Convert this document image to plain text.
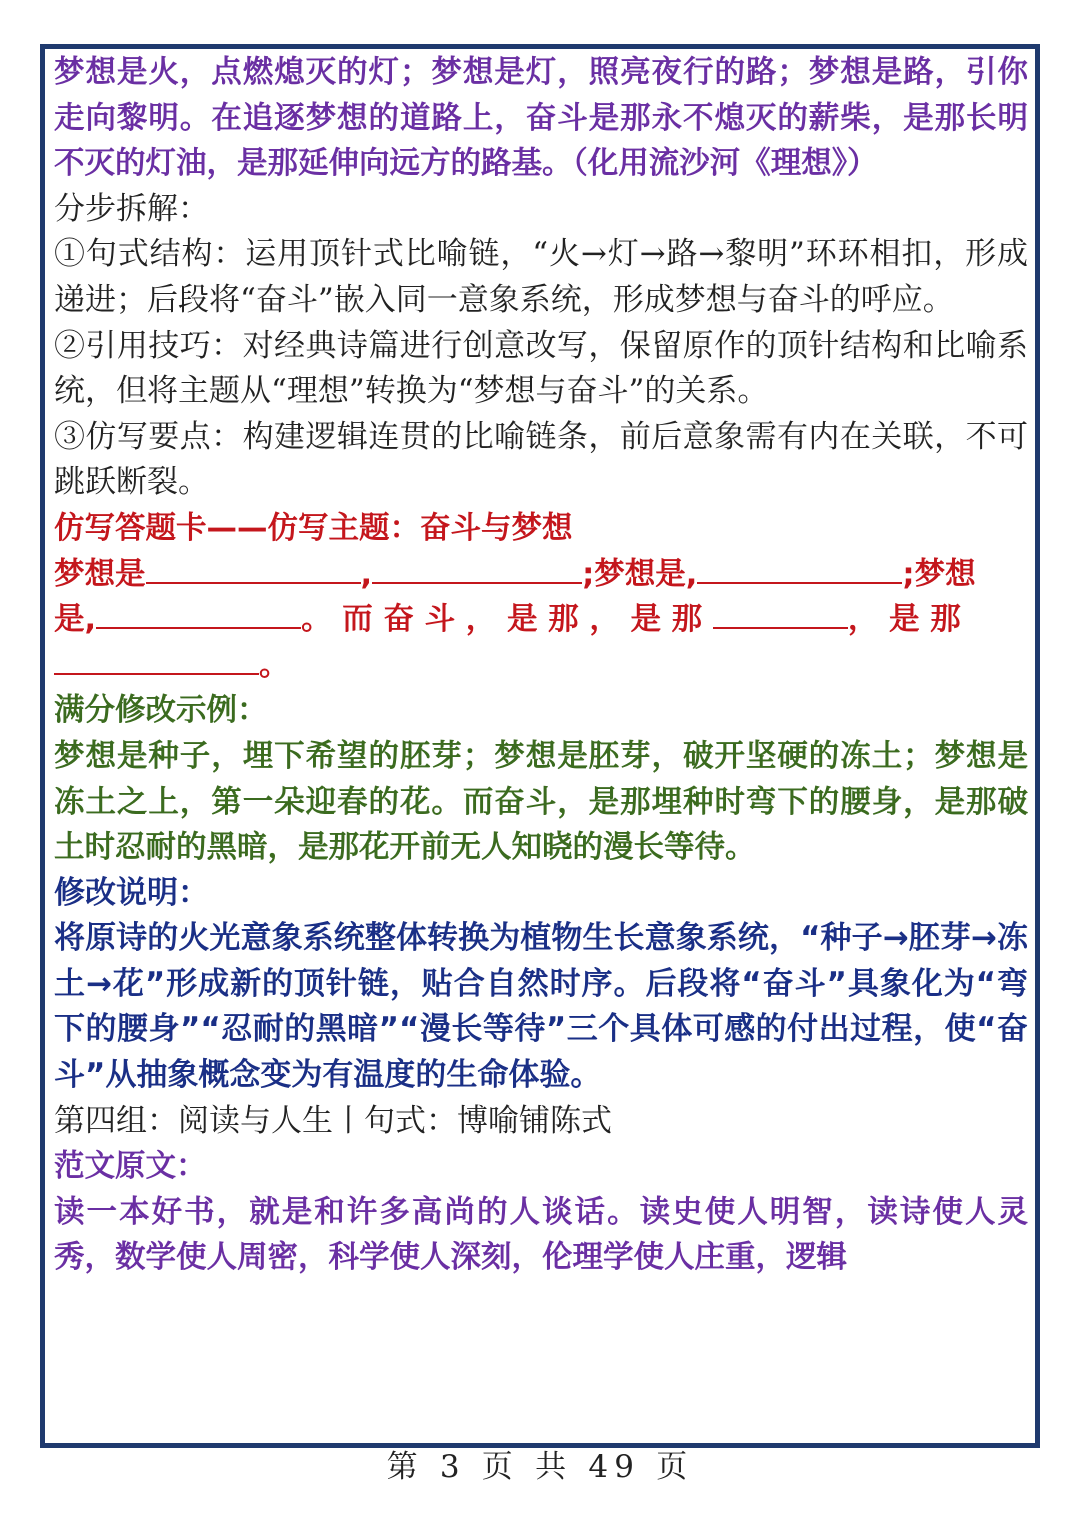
梦想是火，点燃熄灭的灯；梦想是灯，照亮夜行的路；梦想是路，引你走向黎明。在追逐梦想的道路上，奋斗是那永不熄灭的薪柴，是那长明不灭的灯油，是那延伸向远方的路基。（化用流沙河《理想》）

分步拆解：

①句式结构：运用顶针式比喻链，“火→灯→路→黎明”环环相扣，形成递进；后段将“奋斗”嵌入同一意象系统，形成梦想与奋斗的呼应。

②引用技巧：对经典诗篇进行创意改写，保留原作的顶针结构和比喻系统，但将主题从“理想”转换为“梦想与奋斗”的关系。

③仿写要点：构建逻辑连贯的比喻链条，前后意象需有内在关联，不可跳跃断裂。

仿写答题卡——仿写主题：奋斗与梦想

梦想是	,	;梦想是,	;梦想
是,	。而奋斗，是那，是那	，是那
。

满分修改示例：

梦想是种子，埋下希望的胚芽；梦想是胚芽，破开坚硬的冻土；梦想是冻土之上，第一朵迎春的花。而奋斗，是那埋种时弯下的腰身，是那破土时忍耐的黑暗，是那花开前无人知晓的漫长等待。

修改说明：

将原诗的火光意象系统整体转换为植物生长意象系统，“种子→胚芽→冻土→花”形成新的顶针链，贴合自然时序。后段将“奋斗”具象化为“弯下的腰身”“忍耐的黑暗”“漫长等待”三个具体可感的付出过程，使“奋斗”从抽象概念变为有温度的生命体验。

第四组：阅读与人生丨句式：博喻铺陈式

范文原文：

读一本好书，就是和许多高尚的人谈话。读史使人明智，读诗使人灵秀，数学使人周密，科学使人深刻，伦理学使人庄重，逻辑

第 3 页 共 49 页
